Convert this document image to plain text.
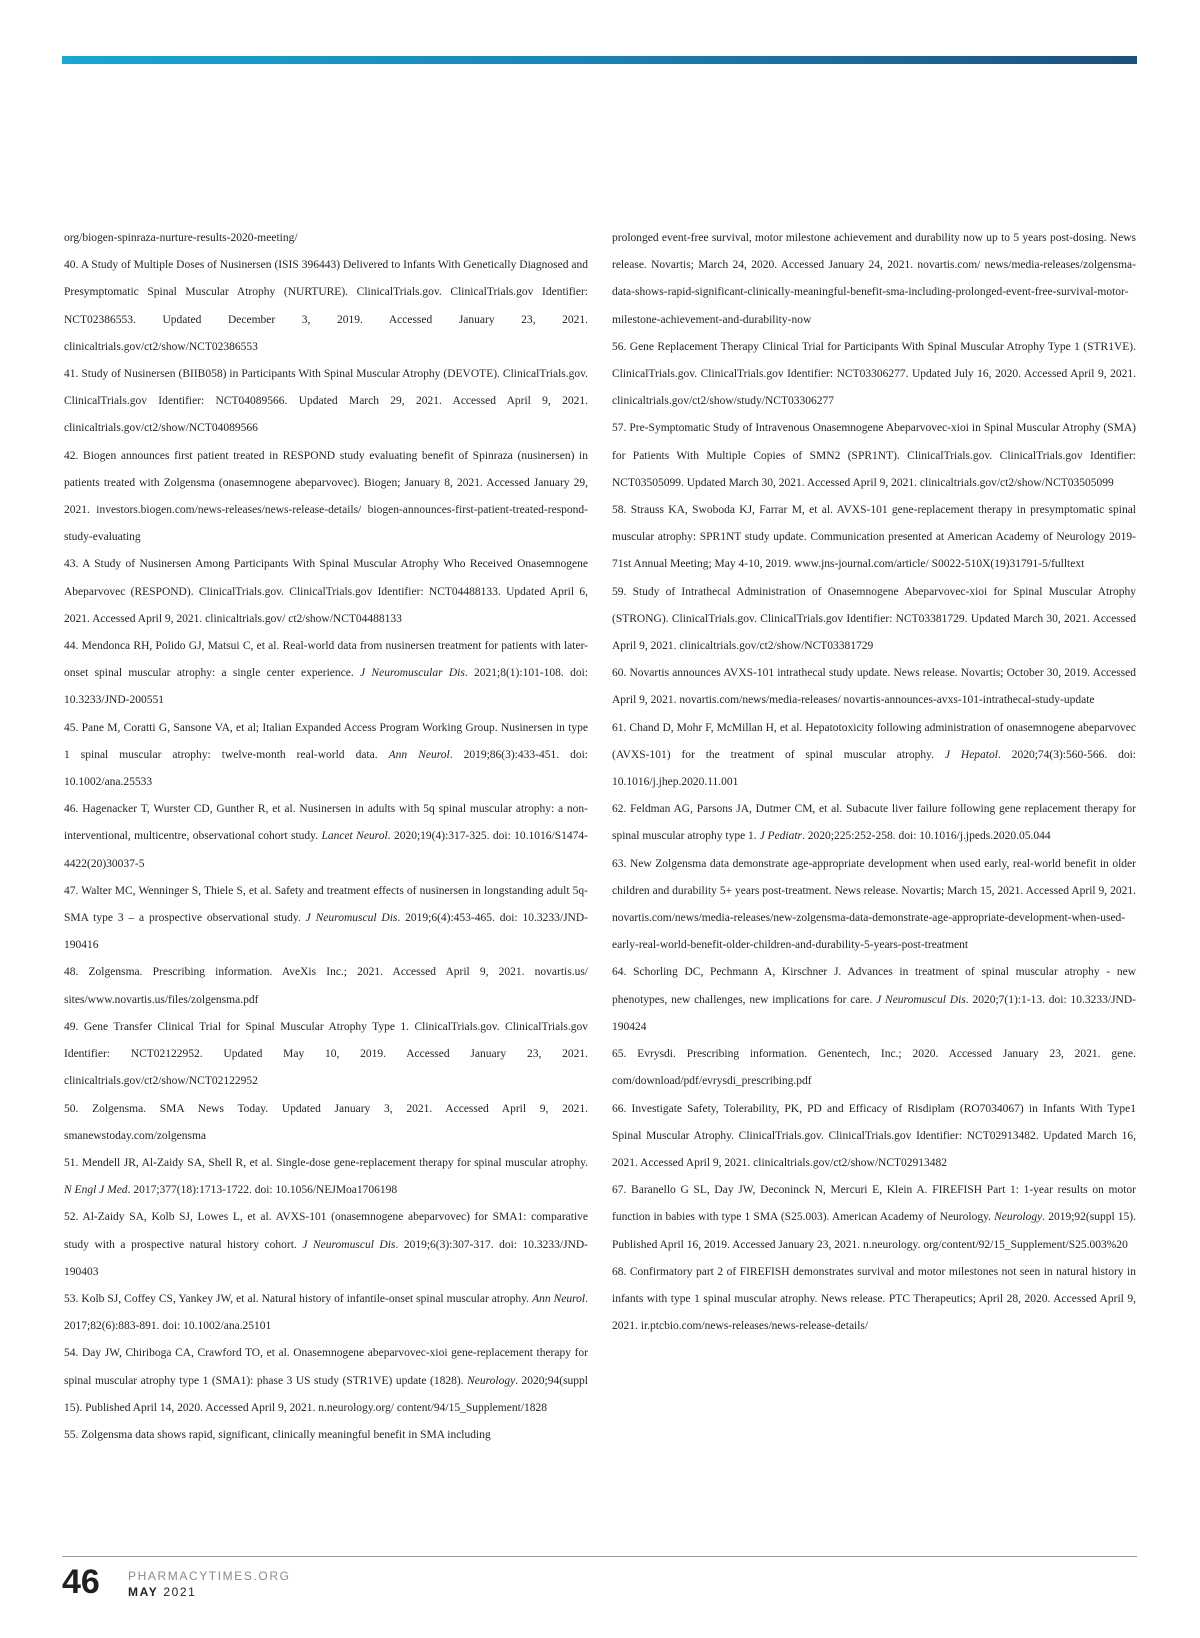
org/biogen-spinraza-nurture-results-2020-meeting/

40. A Study of Multiple Doses of Nusinersen (ISIS 396443) Delivered to Infants With Genetically Diagnosed and Presymptomatic Spinal Muscular Atrophy (NURTURE). ClinicalTrials.gov. ClinicalTrials.gov Identifier: NCT02386553. Updated December 3, 2019. Accessed January 23, 2021. clinicaltrials.gov/ct2/show/NCT02386553

41. Study of Nusinersen (BIIB058) in Participants With Spinal Muscular Atrophy (DEVOTE). ClinicalTrials.gov. ClinicalTrials.gov Identifier: NCT04089566. Updated March 29, 2021. Accessed April 9, 2021. clinicaltrials.gov/ct2/show/NCT04089566

42. Biogen announces first patient treated in RESPOND study evaluating benefit of Spinraza (nusinersen) in patients treated with Zolgensma (onasemnogene abeparvovec). Biogen; January 8, 2021. Accessed January 29, 2021. investors.biogen.com/news-releases/news-release-details/ biogen-announces-first-patient-treated-respond-study-evaluating

43. A Study of Nusinersen Among Participants With Spinal Muscular Atrophy Who Received Onasemnogene Abeparvovec (RESPOND). ClinicalTrials.gov. ClinicalTrials.gov Identifier: NCT04488133. Updated April 6, 2021. Accessed April 9, 2021. clinicaltrials.gov/ ct2/show/NCT04488133

44. Mendonca RH, Polido GJ, Matsui C, et al. Real-world data from nusinersen treatment for patients with later-onset spinal muscular atrophy: a single center experience. J Neuromuscular Dis. 2021;8(1):101-108. doi: 10.3233/JND-200551

45. Pane M, Coratti G, Sansone VA, et al; Italian Expanded Access Program Working Group. Nusinersen in type 1 spinal muscular atrophy: twelve-month real-world data. Ann Neurol. 2019;86(3):433-451. doi: 10.1002/ana.25533

46. Hagenacker T, Wurster CD, Gunther R, et al. Nusinersen in adults with 5q spinal muscular atrophy: a non-interventional, multicentre, observational cohort study. Lancet Neurol. 2020;19(4):317-325. doi: 10.1016/S1474-4422(20)30037-5

47. Walter MC, Wenninger S, Thiele S, et al. Safety and treatment effects of nusinersen in longstanding adult 5q-SMA type 3 – a prospective observational study. J Neuromuscul Dis. 2019;6(4):453-465. doi: 10.3233/JND-190416

48. Zolgensma. Prescribing information. AveXis Inc.; 2021. Accessed April 9, 2021. novartis.us/ sites/www.novartis.us/files/zolgensma.pdf

49. Gene Transfer Clinical Trial for Spinal Muscular Atrophy Type 1. ClinicalTrials.gov. ClinicalTrials.gov Identifier: NCT02122952. Updated May 10, 2019. Accessed January 23, 2021. clinicaltrials.gov/ct2/show/NCT02122952

50. Zolgensma. SMA News Today. Updated January 3, 2021. Accessed April 9, 2021. smanewstoday.com/zolgensma

51. Mendell JR, Al-Zaidy SA, Shell R, et al. Single-dose gene-replacement therapy for spinal muscular atrophy. N Engl J Med. 2017;377(18):1713-1722. doi: 10.1056/NEJMoa1706198

52. Al-Zaidy SA, Kolb SJ, Lowes L, et al. AVXS-101 (onasemnogene abeparvovec) for SMA1: comparative study with a prospective natural history cohort. J Neuromuscul Dis. 2019;6(3):307-317. doi: 10.3233/JND-190403

53. Kolb SJ, Coffey CS, Yankey JW, et al. Natural history of infantile-onset spinal muscular atrophy. Ann Neurol. 2017;82(6):883-891. doi: 10.1002/ana.25101

54. Day JW, Chiriboga CA, Crawford TO, et al. Onasemnogene abeparvovec-xioi gene-replacement therapy for spinal muscular atrophy type 1 (SMA1): phase 3 US study (STR1VE) update (1828). Neurology. 2020;94(suppl 15). Published April 14, 2020. Accessed April 9, 2021. n.neurology.org/ content/94/15_Supplement/1828

55. Zolgensma data shows rapid, significant, clinically meaningful benefit in SMA including

prolonged event-free survival, motor milestone achievement and durability now up to 5 years post-dosing. News release. Novartis; March 24, 2020. Accessed January 24, 2021. novartis.com/ news/media-releases/zolgensma-data-shows-rapid-significant-clinically-meaningful-benefit-sma-including-prolonged-event-free-survival-motor-milestone-achievement-and-durability-now

56. Gene Replacement Therapy Clinical Trial for Participants With Spinal Muscular Atrophy Type 1 (STR1VE). ClinicalTrials.gov. ClinicalTrials.gov Identifier: NCT03306277. Updated July 16, 2020. Accessed April 9, 2021. clinicaltrials.gov/ct2/show/study/NCT03306277

57. Pre-Symptomatic Study of Intravenous Onasemnogene Abeparvovec-xioi in Spinal Muscular Atrophy (SMA) for Patients With Multiple Copies of SMN2 (SPR1NT). ClinicalTrials.gov. ClinicalTrials.gov Identifier: NCT03505099. Updated March 30, 2021. Accessed April 9, 2021. clinicaltrials.gov/ct2/show/NCT03505099

58. Strauss KA, Swoboda KJ, Farrar M, et al. AVXS-101 gene-replacement therapy in presymptomatic spinal muscular atrophy: SPR1NT study update. Communication presented at American Academy of Neurology 2019-71st Annual Meeting; May 4-10, 2019. www.jns-journal.com/article/ S0022-510X(19)31791-5/fulltext

59. Study of Intrathecal Administration of Onasemnogene Abeparvovec-xioi for Spinal Muscular Atrophy (STRONG). ClinicalTrials.gov. ClinicalTrials.gov Identifier: NCT03381729. Updated March 30, 2021. Accessed April 9, 2021. clinicaltrials.gov/ct2/show/NCT03381729

60. Novartis announces AVXS-101 intrathecal study update. News release. Novartis; October 30, 2019. Accessed April 9, 2021. novartis.com/news/media-releases/ novartis-announces-avxs-101-intrathecal-study-update

61. Chand D, Mohr F, McMillan H, et al. Hepatotoxicity following administration of onasemnogene abeparvovec (AVXS-101) for the treatment of spinal muscular atrophy. J Hepatol. 2020;74(3):560-566. doi: 10.1016/j.jhep.2020.11.001

62. Feldman AG, Parsons JA, Dutmer CM, et al. Subacute liver failure following gene replacement therapy for spinal muscular atrophy type 1. J Pediatr. 2020;225:252-258. doi: 10.1016/j.jpeds.2020.05.044

63. New Zolgensma data demonstrate age-appropriate development when used early, real-world benefit in older children and durability 5+ years post-treatment. News release. Novartis; March 15, 2021. Accessed April 9, 2021. novartis.com/news/media-releases/new-zolgensma-data-demonstrate-age-appropriate-development-when-used-early-real-world-benefit-older-children-and-durability-5-years-post-treatment

64. Schorling DC, Pechmann A, Kirschner J. Advances in treatment of spinal muscular atrophy - new phenotypes, new challenges, new implications for care. J Neuromuscul Dis. 2020;7(1):1-13. doi: 10.3233/JND-190424

65. Evrysdi. Prescribing information. Genentech, Inc.; 2020. Accessed January 23, 2021. gene. com/download/pdf/evrysdi_prescribing.pdf

66. Investigate Safety, Tolerability, PK, PD and Efficacy of Risdiplam (RO7034067) in Infants With Type1 Spinal Muscular Atrophy. ClinicalTrials.gov. ClinicalTrials.gov Identifier: NCT02913482. Updated March 16, 2021. Accessed April 9, 2021. clinicaltrials.gov/ct2/show/NCT02913482

67. Baranello G SL, Day JW, Deconinck N, Mercuri E, Klein A. FIREFISH Part 1: 1-year results on motor function in babies with type 1 SMA (S25.003). American Academy of Neurology. Neurology. 2019;92(suppl 15). Published April 16, 2019. Accessed January 23, 2021. n.neurology. org/content/92/15_Supplement/S25.003%20

68. Confirmatory part 2 of FIREFISH demonstrates survival and motor milestones not seen in natural history in infants with type 1 spinal muscular atrophy. News release. PTC Therapeutics; April 28, 2020. Accessed April 9, 2021. ir.ptcbio.com/news-releases/news-release-details/

46 PHARMACYTIMES.ORG
MAY 2021
